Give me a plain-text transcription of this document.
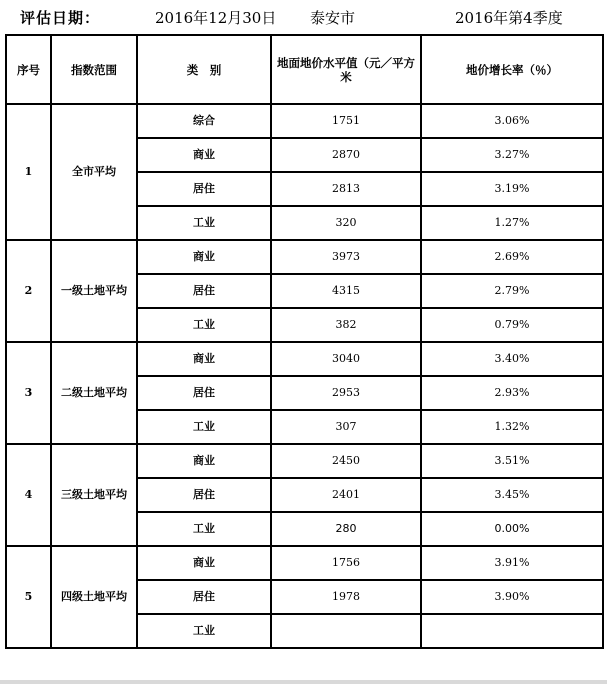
评估日期：	2016年12月30日 泰安市	2016年第4季度
序号	指数范围	类　别	地面地价水平值（元／平方米	地价增长率（％）
1	全市平均	综合	1751	3.06%
		商业	2870	3.27%
		居住	2813	3.19%
		工业	320	1.27%
2	一级土地平均	商业	3973	2.69%
		居住	4315	2.79%
		工业	382	0.79%
3	二级土地平均	商业	3040	3.40%
		居住	2953	2.93%
		工业	307	1.32%
4	三级土地平均	商业	2450	3.51%
		居住	2401	3.45%
		工业	280	0.00%
5	四级土地平均	商业	1756	3.91%
		居住	1978	3.90%
		工业		
